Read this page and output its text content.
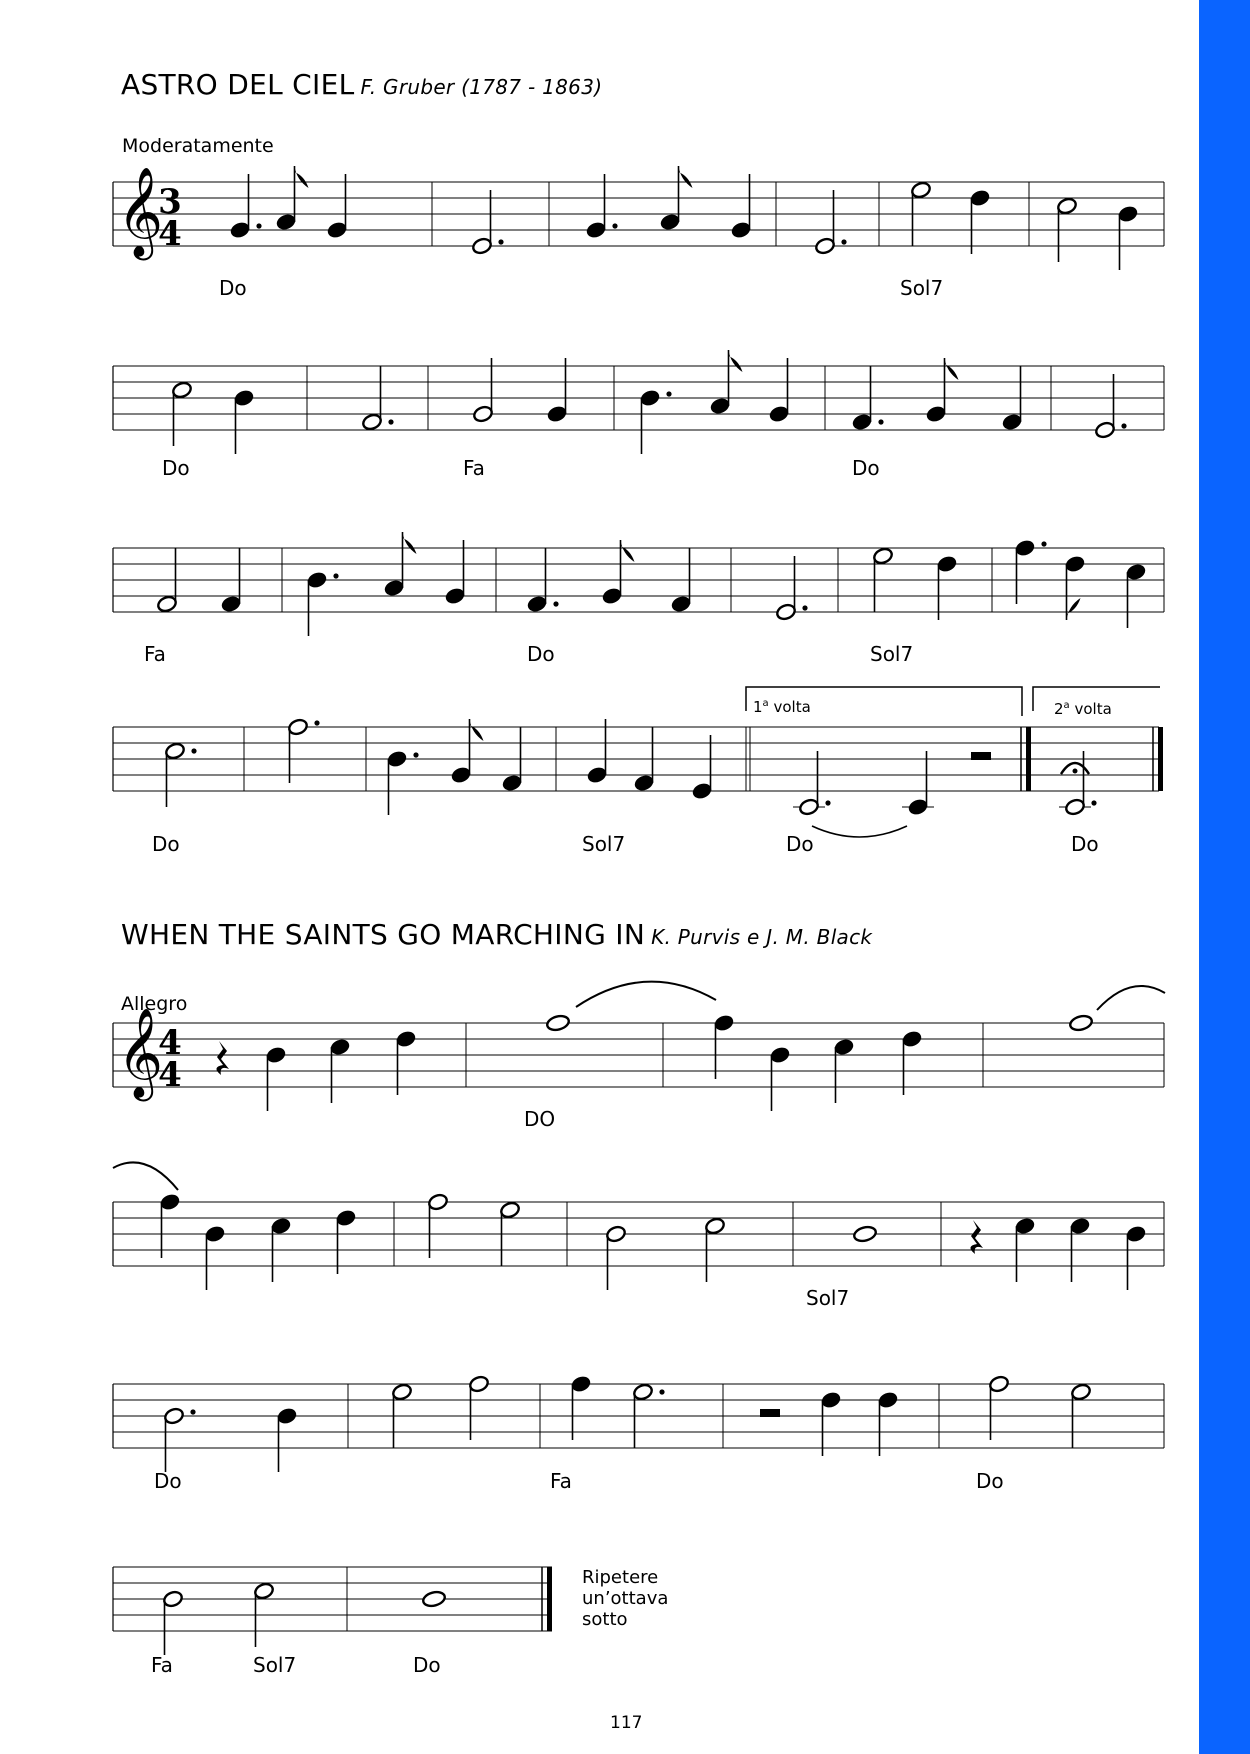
ASTRO DEL CIEL F. Gruber (1787 - 1863)
Moderatamente
Do	Sol7
Do	Fa	Do
Fa	Do	Sol7
Do	Sol7	Do	Do
1$^a$ volta	2$^a$ volta
WHEN THE SAINTS GO MARCHING IN K. Purvis e J. M. Black
Allegro
DO
Sol7
Do	Fa	Do
Fa	Sol7	Do
Ripetere
un’ottava
sotto
117
𝄞
3
4
𝄞
4
4
